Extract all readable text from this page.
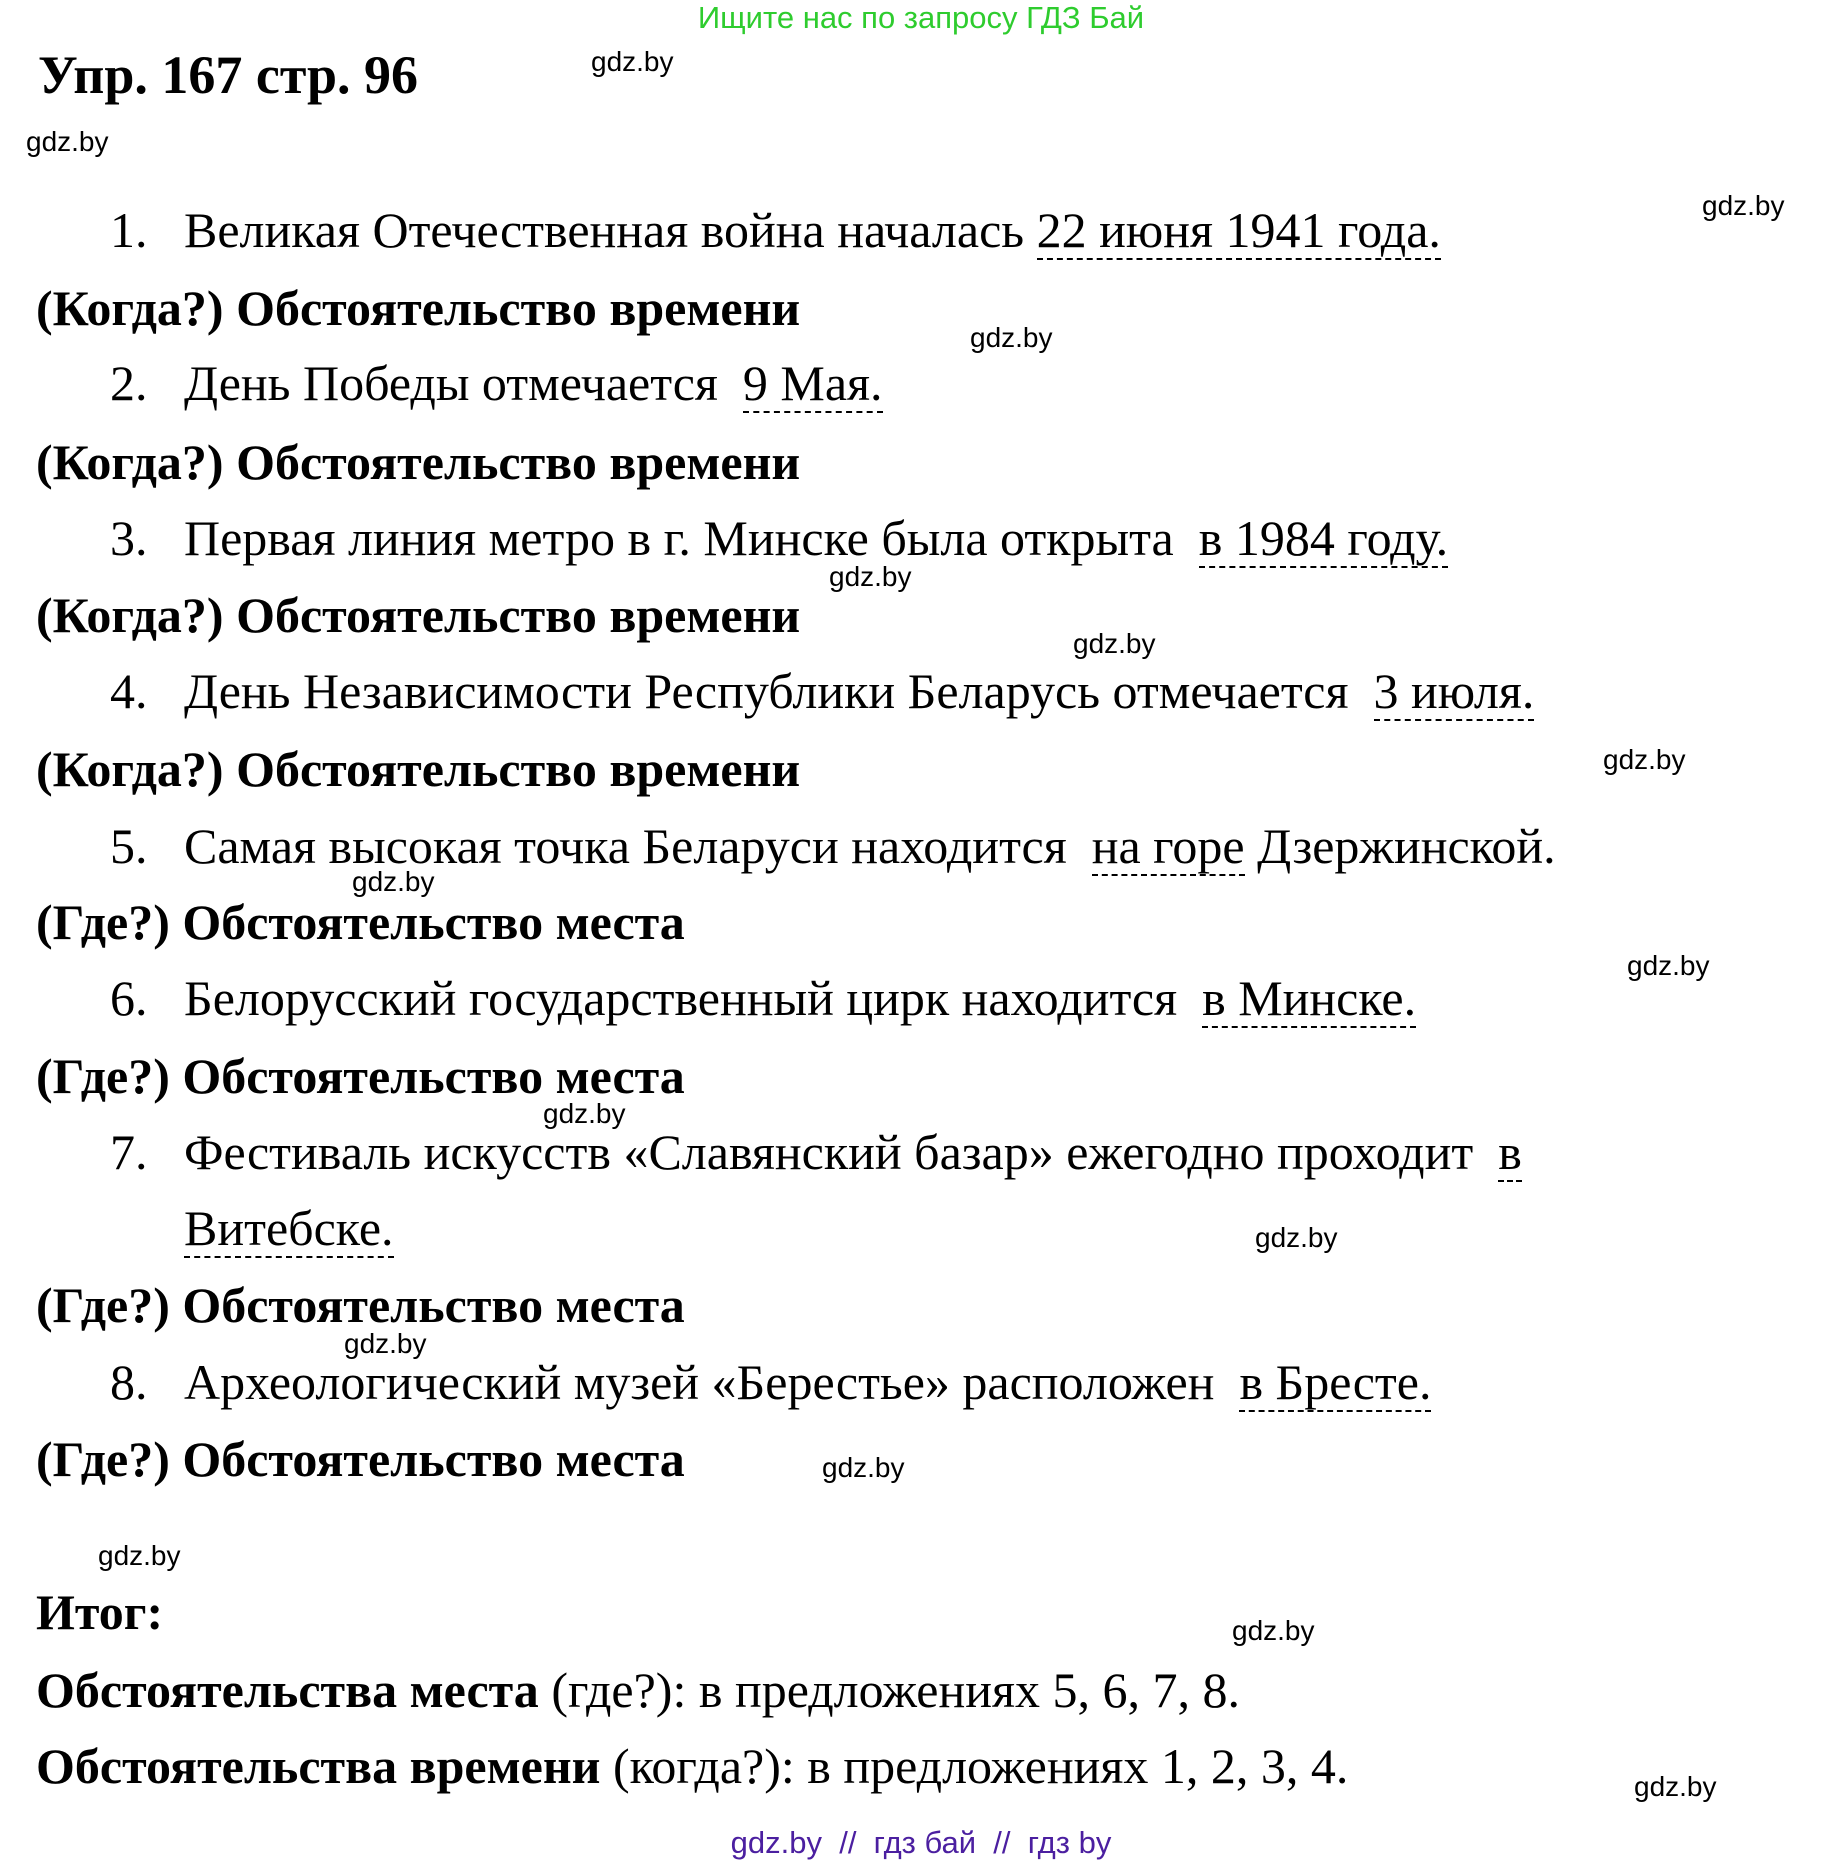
Ищите нас по запросу ГДЗ Бай
Упр. 167 стр. 96
1. Великая Отечественная война началась 22 июня 1941 года.
(Когда?) Обстоятельство времени
2. День Победы отмечается  9 Мая.
(Когда?) Обстоятельство времени
3. Первая линия метро в г. Минске была открыта  в 1984 году.
(Когда?) Обстоятельство времени
4. День Независимости Республики Беларусь отмечается  3 июля.
(Когда?) Обстоятельство времени
5. Самая высокая точка Беларуси находится  на горе Дзержинской.
(Где?) Обстоятельство места
6. Белорусский государственный цирк находится  в Минске.
(Где?) Обстоятельство места
7. Фестиваль искусств «Славянский базар» ежегодно проходит  в
Витебске.
(Где?) Обстоятельство места
8. Археологический музей «Берестье» расположен  в Бресте.
(Где?) Обстоятельство места
Итог:
Обстоятельства места (где?): в предложениях 5, 6, 7, 8.
Обстоятельства времени (когда?): в предложениях 1, 2, 3, 4.
gdz.by  //  гдз бай  //  гдз by
gdz.by
gdz.by
gdz.by
gdz.by
gdz.by
gdz.by
gdz.by
gdz.by
gdz.by
gdz.by
gdz.by
gdz.by
gdz.by
gdz.by
gdz.by
gdz.by
